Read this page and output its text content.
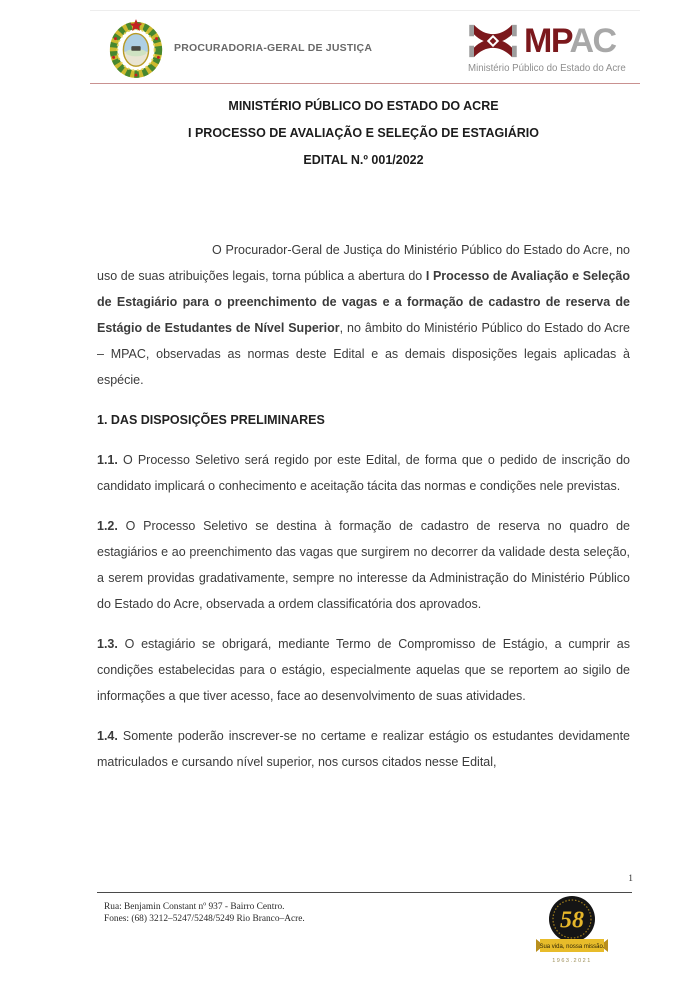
PROCURADORIA-GERAL DE JUSTIÇA	MPAC
Ministério Público do Estado do Acre
MINISTÉRIO PÚBLICO DO ESTADO DO ACRE
I PROCESSO DE AVALIAÇÃO E SELEÇÃO DE ESTAGIÁRIO
EDITAL N.º 001/2022

O Procurador-Geral de Justiça do Ministério Público do Estado do Acre, no uso de suas atribuições legais, torna pública a abertura do I Processo de Avaliação e Seleção de Estagiário para o preenchimento de vagas e a formação de cadastro de reserva de Estágio de Estudantes de Nível Superior, no âmbito do Ministério Público do Estado do Acre – MPAC, observadas as normas deste Edital e as demais disposições legais aplicadas à espécie.

1. DAS DISPOSIÇÕES PRELIMINARES

1.1. O Processo Seletivo será regido por este Edital, de forma que o pedido de inscrição do candidato implicará o conhecimento e aceitação tácita das normas e condições nele previstas.

1.2. O Processo Seletivo se destina à formação de cadastro de reserva no quadro de estagiários e ao preenchimento das vagas que surgirem no decorrer da validade desta seleção, a serem providas gradativamente, sempre no interesse da Administração do Ministério Público do Estado do Acre, observada a ordem classificatória dos aprovados.

1.3. O estagiário se obrigará, mediante Termo de Compromisso de Estágio, a cumprir as condições estabelecidas para o estágio, especialmente aquelas que se reportem ao sigilo de informações a que tiver acesso, face ao desenvolvimento de suas atividades.

1.4. Somente poderão inscrever-se no certame e realizar estágio os estudantes devidamente matriculados e cursando nível superior, nos cursos citados nesse Edital,

1
Rua: Benjamin Constant nº 937 - Bairro Centro.
Fones: (68) 3212–5247/5248/5249 Rio Branco–Acre.	58
Sua vida, nossa missão.
1963.2021
